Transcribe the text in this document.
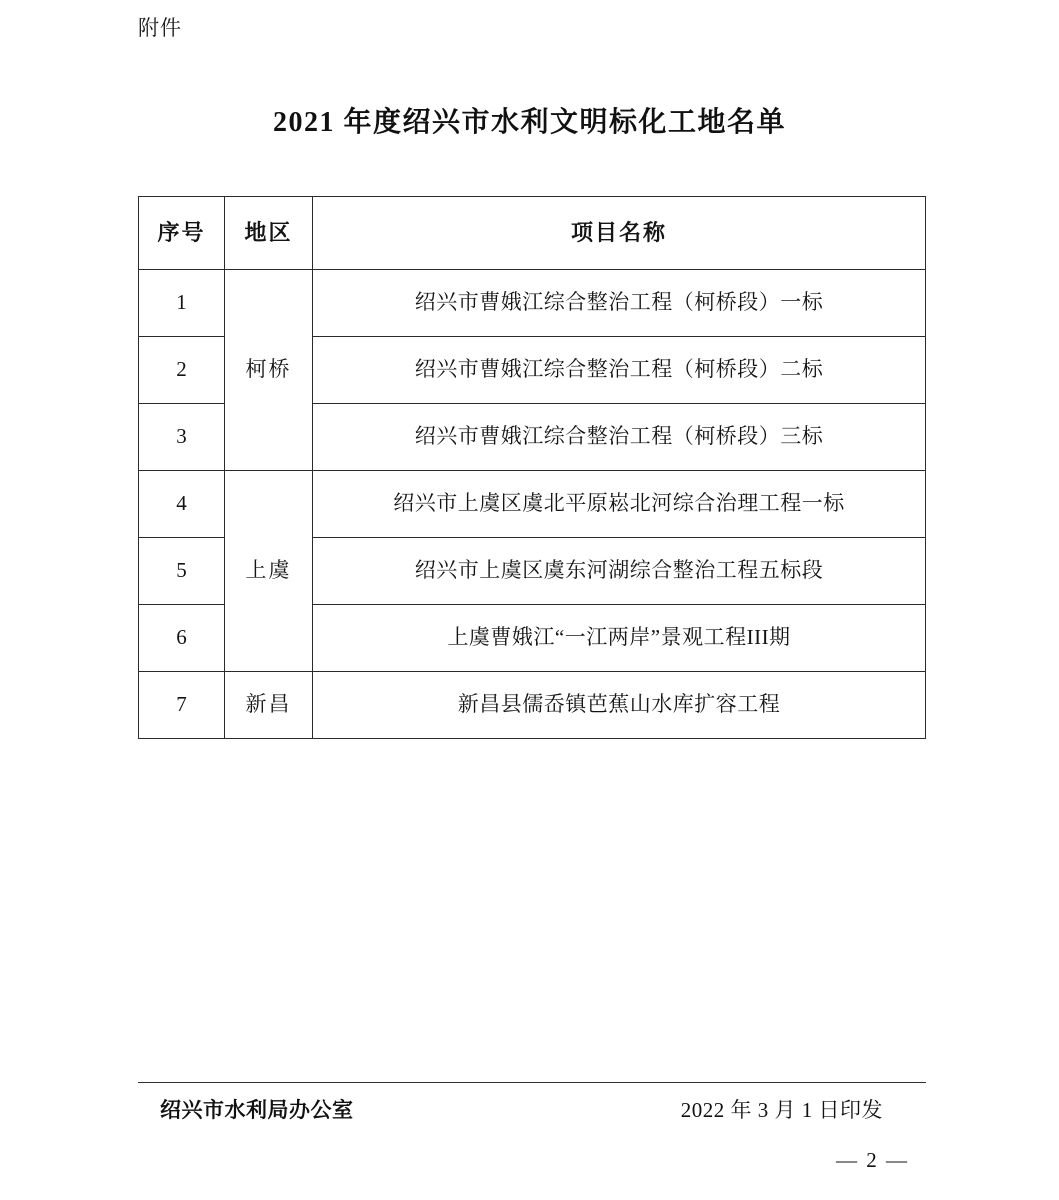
附件
2021 年度绍兴市水利文明标化工地名单
序号	地区	项目名称
1	柯桥	绍兴市曹娥江综合整治工程（柯桥段）一标
2		绍兴市曹娥江综合整治工程（柯桥段）二标
3		绍兴市曹娥江综合整治工程（柯桥段）三标
4	上虞	绍兴市上虞区虞北平原崧北河综合治理工程一标
5		绍兴市上虞区虞东河湖综合整治工程五标段
6		上虞曹娥江“一江两岸”景观工程III期
7	新昌	新昌县儒岙镇芭蕉山水库扩容工程
绍兴市水利局办公室	2022 年 3 月 1 日印发
— 2 —
